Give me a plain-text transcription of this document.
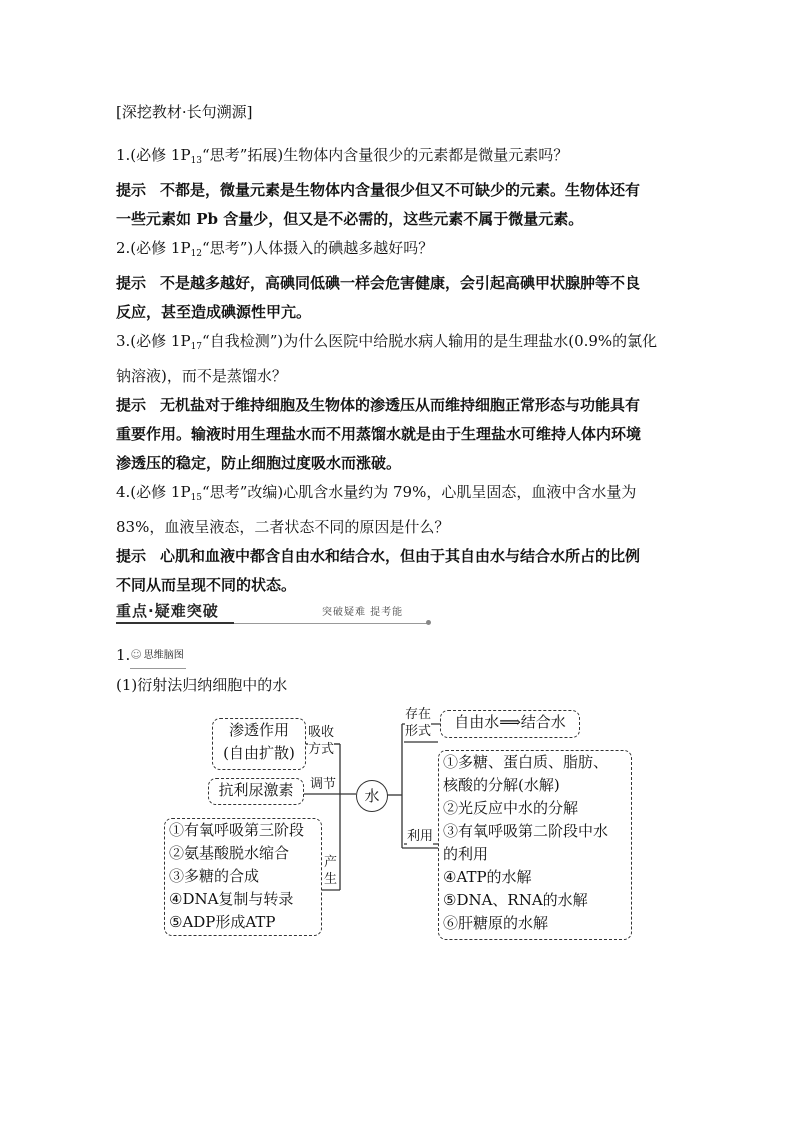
[深挖教材·长句溯源]

1.(必修 $1P_{13}“$思考”拓展)生物体内含量很少的元素都是微量元素吗？

提示 不都是，微量元素是生物体内含量很少但又不可缺少的元素。生物体还有

一些元素如 Pb 含量少，但又是不必需的，这些元素不属于微量元素。

2.(必修 $1P_{12}“$思考”)人体摄入的碘越多越好吗？

提示 不是越多越好，高碘同低碘一样会危害健康，会引起高碘甲状腺肿等不良

反应，甚至造成碘源性甲亢。

3.(必修 $1P_{17}“$自我检测”)为什么医院中给脱水病人输用的是生理盐水(0.9%的氯化

钠溶液)，而不是蒸馏水？

提示 无机盐对于维持细胞及生物体的渗透压从而维持细胞正常形态与功能具有

重要作用。输液时用生理盐水而不用蒸馏水就是由于生理盐水可维持人体内环境

渗透压的稳定，防止细胞过度吸水而涨破。

4.(必修 $1P_{15}“$思考”改编)心肌含水量约为 79%，心肌呈固态，血液中含水量为

83%，血液呈液态，二者状态不同的原因是什么？

提示 心肌和血液中都含自由水和结合水，但由于其自由水与结合水所占的比例

不同从而呈现不同的状态。

重点·疑难突破	突破疑难 提考能
1.☺ 思维脑图
(1)衍射法归纳细胞中的水
渗透作用
(自由扩散)
吸收
方式
抗利尿激素	调节
①有氧呼吸第三阶段
②氨基酸脱水缩合
③多糖的合成
④DNA复制与转录
⑤ADP形成ATP
产
生
水
存在
形式
自由水⟹结合水
利用
①多糖、蛋白质、脂肪、
核酸的分解(水解)
②光反应中水的分解
③有氧呼吸第二阶段中水
的利用
④ATP的水解
⑤DNA、RNA的水解
⑥肝糖原的水解
